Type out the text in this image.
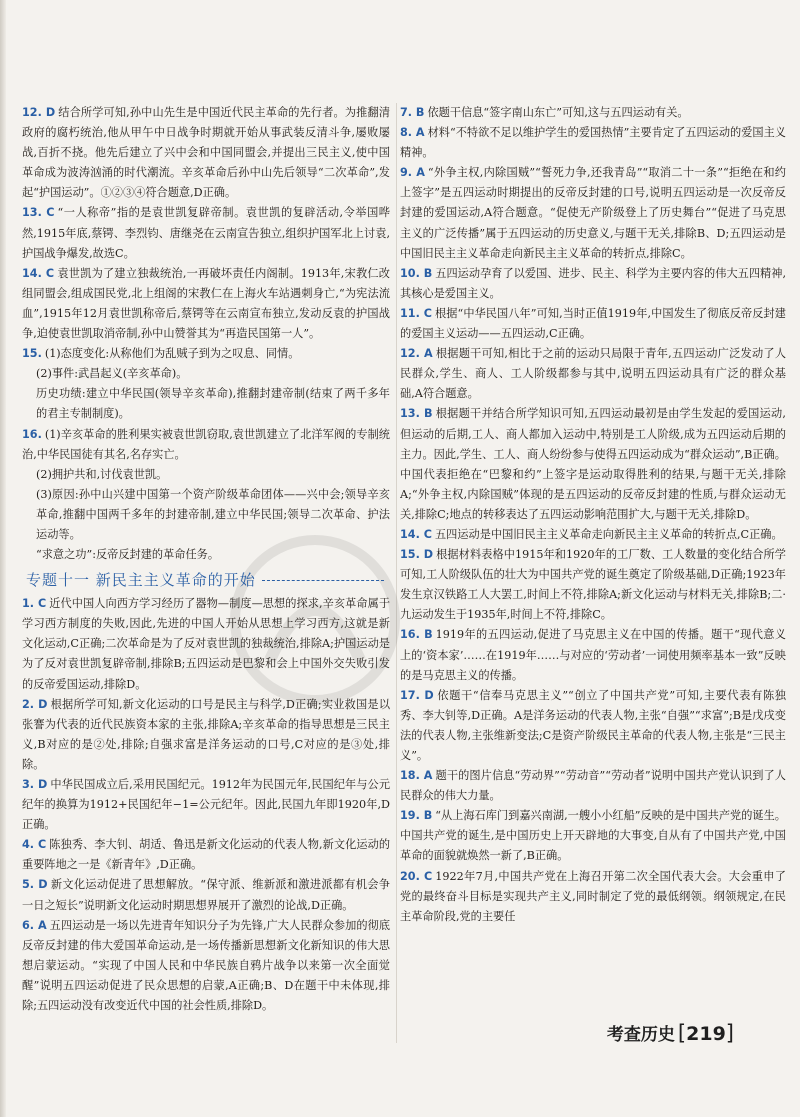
12. D 结合所学可知,孙中山先生是中国近代民主革命的先行者。为推翻清政府的腐朽统治,他从甲午中日战争时期就开始从事武装反清斗争,屡败屡战,百折不挠。他先后建立了兴中会和中国同盟会,并提出三民主义,使中国革命成为波涛汹涌的时代潮流。辛亥革命后孙中山先后领导“二次革命”,发起“护国运动”。①②③④符合题意,D正确。
13. C “一人称帝”指的是袁世凯复辟帝制。袁世凯的复辟活动,令举国哗然,1915年底,蔡锷、李烈钧、唐继尧在云南宣告独立,组织护国军北上讨袁,护国战争爆发,故选C。
14. C 袁世凯为了建立独裁统治,一再破坏责任内阁制。1913年,宋教仁改组同盟会,组成国民党,北上组阁的宋教仁在上海火车站遇刺身亡,“为宪法流血”,1915年12月袁世凯称帝后,蔡锷等在云南宣布独立,发动反袁的护国战争,迫使袁世凯取消帝制,孙中山赞誉其为“再造民国第一人”。
15. (1)态度变化:从称他们为乱贼子到为之叹息、同情。
(2)事件:武昌起义(辛亥革命)。
历史功绩:建立中华民国(领导辛亥革命),推翻封建帝制(结束了两千多年的君主专制制度)。
16. (1)辛亥革命的胜利果实被袁世凯窃取,袁世凯建立了北洋军阀的专制统治,中华民国徒有其名,名存实亡。
(2)拥护共和,讨伐袁世凯。
(3)原因:孙中山兴建中国第一个资产阶级革命团体——兴中会;领导辛亥革命,推翻中国两千多年的封建帝制,建立中华民国;领导二次革命、护法运动等。
“求意之功”:反帝反封建的革命任务。
专题十一 新民主主义革命的开始
1. C 近代中国人向西方学习经历了器物—制度—思想的探求,辛亥革命属于学习西方制度的失败,因此,先进的中国人开始从思想上学习西方,这就是新文化运动,C正确;二次革命是为了反对袁世凯的独裁统治,排除A;护国运动是为了反对袁世凯复辟帝制,排除B;五四运动是巴黎和会上中国外交失败引发的反帝爱国运动,排除D。
2. D 根据所学可知,新文化运动的口号是民主与科学,D正确;实业救国是以张謇为代表的近代民族资本家的主张,排除A;辛亥革命的指导思想是三民主义,B对应的是②处,排除;自强求富是洋务运动的口号,C对应的是③处,排除。
3. D 中华民国成立后,采用民国纪元。1912年为民国元年,民国纪年与公元纪年的换算为1912+民国纪年−1=公元纪年。因此,民国九年即1920年,D正确。
4. C 陈独秀、李大钊、胡适、鲁迅是新文化运动的代表人物,新文化运动的重要阵地之一是《新青年》,D正确。
5. D 新文化运动促进了思想解放。“保守派、维新派和激进派都有机会争一日之短长”说明新文化运动时期思想界展开了激烈的论战,D正确。
6. A 五四运动是一场以先进青年知识分子为先锋,广大人民群众参加的彻底反帝反封建的伟大爱国革命运动,是一场传播新思想新文化新知识的伟大思想启蒙运动。“实现了中国人民和中华民族自鸦片战争以来第一次全面觉醒”说明五四运动促进了民众思想的启蒙,A正确;B、D在题干中未体现,排除;五四运动没有改变近代中国的社会性质,排除D。
7. B 依题干信息“签字南山东亡”可知,这与五四运动有关。
8. A 材料“不特欲不足以维护学生的爱国热情”主要肯定了五四运动的爱国主义精神。
9. A “外争主权,内除国贼”“誓死力争,还我青岛”“取消二十一条”“拒绝在和约上签字”是五四运动时期提出的反帝反封建的口号,说明五四运动是一次反帝反封建的爱国运动,A符合题意。“促使无产阶级登上了历史舞台”“促进了马克思主义的广泛传播”属于五四运动的历史意义,与题干无关,排除B、D;五四运动是中国旧民主主义革命走向新民主主义革命的转折点,排除C。
10. B 五四运动孕育了以爱国、进步、民主、科学为主要内容的伟大五四精神,其核心是爱国主义。
11. C 根据“中华民国八年”可知,当时正值1919年,中国发生了彻底反帝反封建的爱国主义运动——五四运动,C正确。
12. A 根据题干可知,相比于之前的运动只局限于青年,五四运动广泛发动了人民群众,学生、商人、工人阶级都参与其中,说明五四运动具有广泛的群众基础,A符合题意。
13. B 根据题干并结合所学知识可知,五四运动最初是由学生发起的爱国运动,但运动的后期,工人、商人都加入运动中,特别是工人阶级,成为五四运动后期的主力。因此,学生、工人、商人纷纷参与使得五四运动成为“群众运动”,B正确。中国代表拒绝在“巴黎和约”上签字是运动取得胜利的结果,与题干无关,排除A;“外争主权,内除国贼”体现的是五四运动的反帝反封建的性质,与群众运动无关,排除C;地点的转移表达了五四运动影响范围扩大,与题干无关,排除D。
14. C 五四运动是中国旧民主主义革命走向新民主主义革命的转折点,C正确。
15. D 根据材料表格中1915年和1920年的工厂数、工人数量的变化结合所学可知,工人阶级队伍的壮大为中国共产党的诞生奠定了阶级基础,D正确;1923年发生京汉铁路工人大罢工,时间上不符,排除A;新文化运动与材料无关,排除B;二·九运动发生于1935年,时间上不符,排除C。
16. B 1919年的五四运动,促进了马克思主义在中国的传播。题干“现代意义上的‘资本家’……在1919年……与对应的‘劳动者’一词使用频率基本一致”反映的是马克思主义的传播。
17. D 依题干“信奉马克思主义”“创立了中国共产党”可知,主要代表有陈独秀、李大钊等,D正确。A是洋务运动的代表人物,主张“自强”“求富”;B是戊戌变法的代表人物,主张维新变法;C是资产阶级民主革命的代表人物,主张是“三民主义”。
18. A 题干的图片信息“劳动界”“劳动音”“劳动者”说明中国共产党认识到了人民群众的伟大力量。
19. B “从上海石库门到嘉兴南湖,一艘小小红船”反映的是中国共产党的诞生。中国共产党的诞生,是中国历史上开天辟地的大事变,自从有了中国共产党,中国革命的面貌就焕然一新了,B正确。
20. C 1922年7月,中国共产党在上海召开第二次全国代表大会。大会重申了党的最终奋斗目标是实现共产主义,同时制定了党的最低纲领。纲领规定,在民主革命阶段,党的主要任
考查历史 [219]
